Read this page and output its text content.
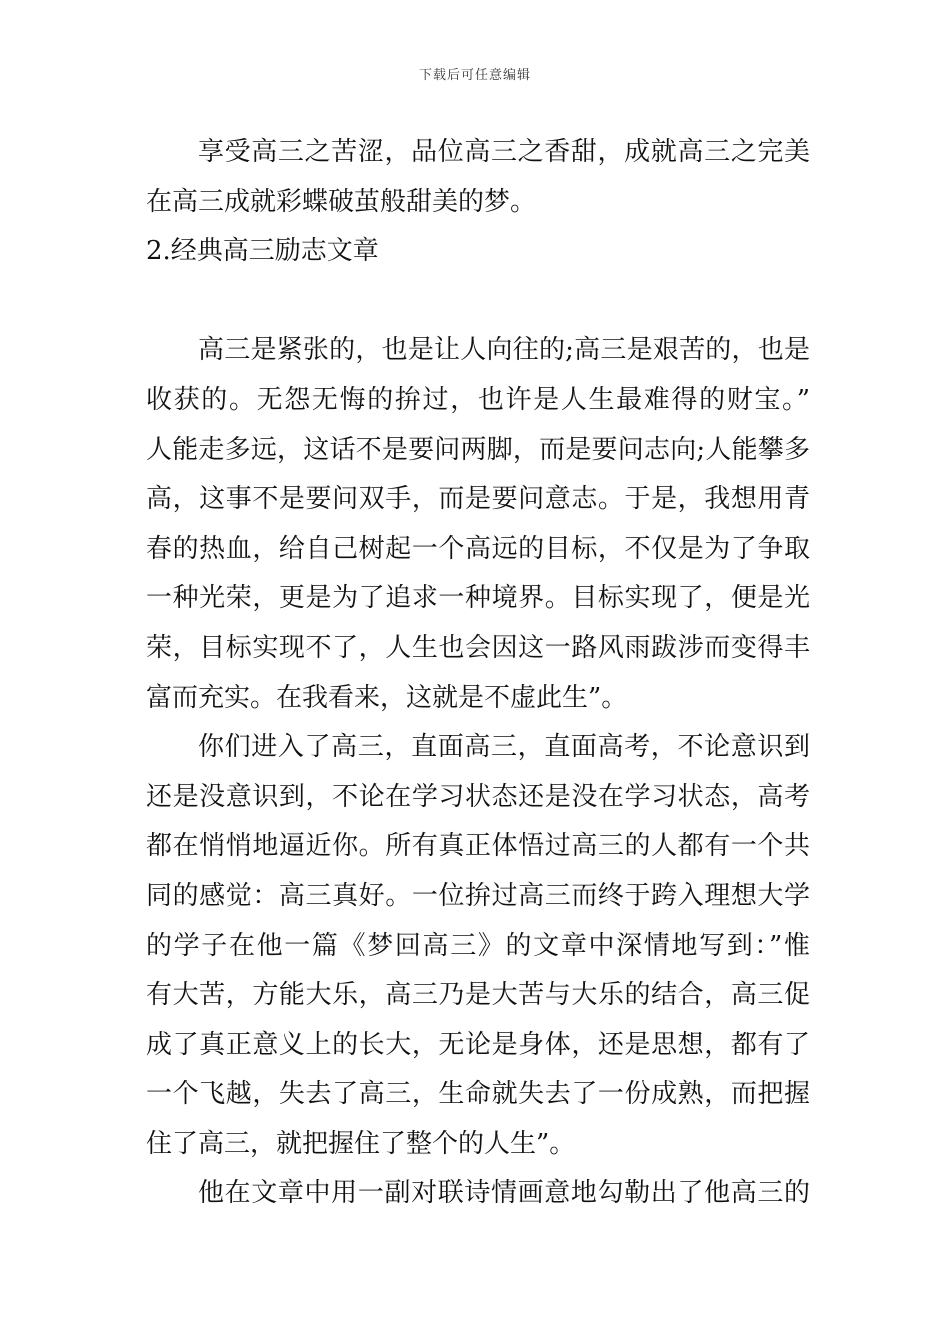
下载后可任意编辑
享受高三之苦涩，品位高三之香甜，成就高三之完美
在高三成就彩蝶破茧般甜美的梦。
2.经典高三励志文章
高三是紧张的，也是让人向往的;高三是艰苦的，也是
收获的。无怨无悔的拚过，也许是人生最难得的财宝。”
人能走多远，这话不是要问两脚，而是要问志向;人能攀多
高，这事不是要问双手，而是要问意志。于是，我想用青
春的热血，给自己树起一个高远的目标，不仅是为了争取
一种光荣，更是为了追求一种境界。目标实现了，便是光
荣，目标实现不了，人生也会因这一路风雨跋涉而变得丰
富而充实。在我看来，这就是不虚此生”。
你们进入了高三，直面高三，直面高考，不论意识到
还是没意识到，不论在学习状态还是没在学习状态，高考
都在悄悄地逼近你。所有真正体悟过高三的人都有一个共
同的感觉：高三真好。一位拚过高三而终于跨入理想大学
的学子在他一篇《梦回高三》的文章中深情地写到：”惟
有大苦，方能大乐，高三乃是大苦与大乐的结合，高三促
成了真正意义上的长大，无论是身体，还是思想，都有了
一个飞越，失去了高三，生命就失去了一份成熟，而把握
住了高三，就把握住了整个的人生”。
他在文章中用一副对联诗情画意地勾勒出了他高三的
